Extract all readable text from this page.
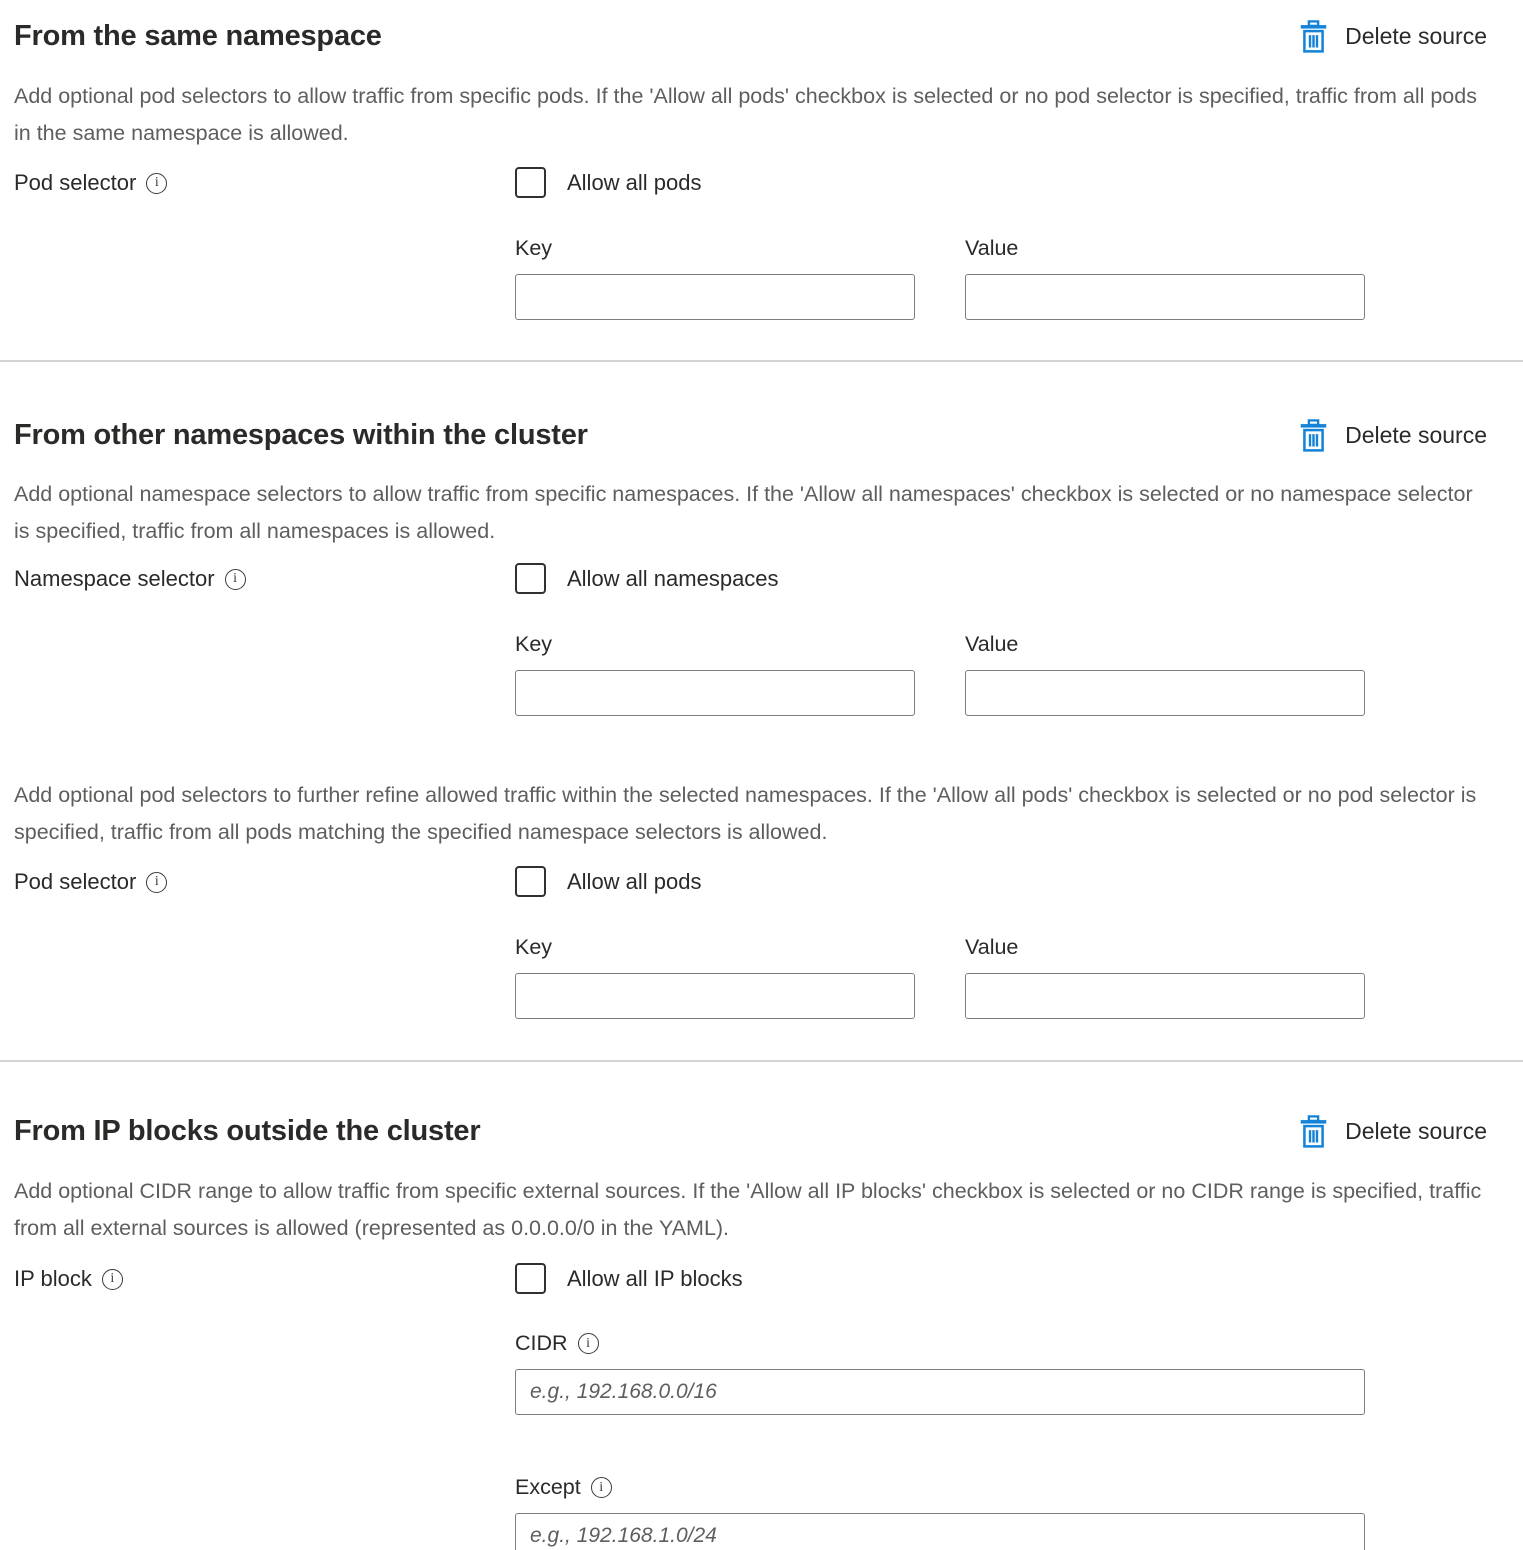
From the same namespace	Delete source

Add optional pod selectors to allow traffic from specific pods. If the 'Allow all pods' checkbox is selected or no pod selector is specified, traffic from all pods in the same namespace is allowed.

Pod selector	i	Allow all pods
Key	Value
From other namespaces within the cluster	Delete source

Add optional namespace selectors to allow traffic from specific namespaces. If the 'Allow all namespaces' checkbox is selected or no namespace selector is specified, traffic from all namespaces is allowed.

Namespace selector	i	Allow all namespaces
Key	Value

Add optional pod selectors to further refine allowed traffic within the selected namespaces. If the 'Allow all pods' checkbox is selected or no pod selector is specified, traffic from all pods matching the specified namespace selectors is allowed.

Pod selector	i	Allow all pods
Key	Value
From IP blocks outside the cluster	Delete source

Add optional CIDR range to allow traffic from specific external sources. If the 'Allow all IP blocks' checkbox is selected or no CIDR range is specified, traffic from all external sources is allowed (represented as 0.0.0.0/0 in the YAML).

IP block	i	Allow all IP blocks
CIDR	i
e.g., 192.168.0.0/16
Except	i
e.g., 192.168.1.0/24
